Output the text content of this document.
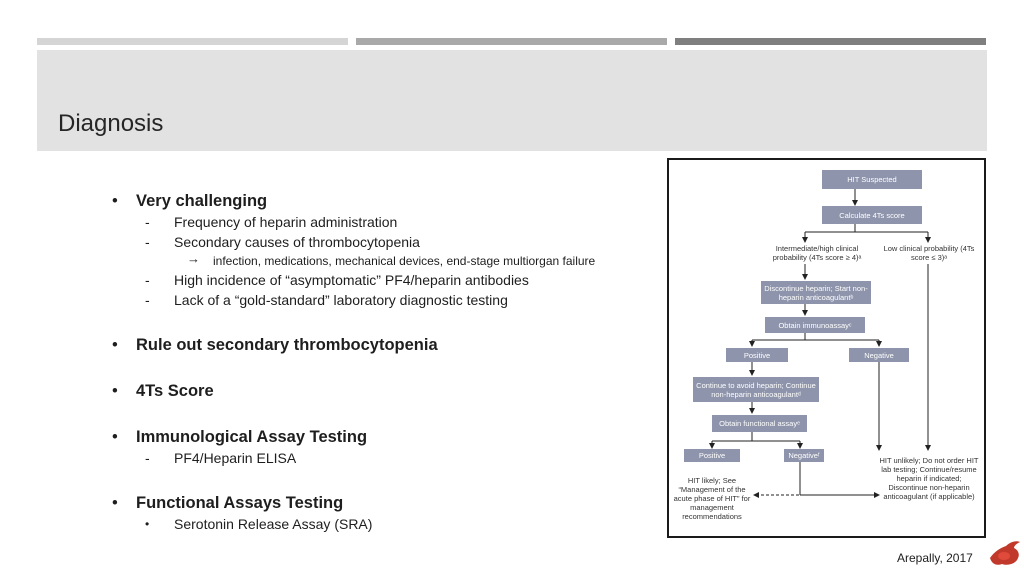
Diagnosis
• Very challenging
- Frequency of heparin administration
- Secondary causes of thrombocytopenia
→ infection, medications, mechanical devices, end-stage multiorgan failure
- High incidence of “asymptomatic” PF4/heparin antibodies
- Lack of a “gold-standard” laboratory diagnostic testing
• Rule out secondary thrombocytopenia
• 4Ts Score
• Immunological Assay Testing
- PF4/Heparin ELISA
• Functional Assays Testing
• Serotonin Release Assay (SRA)
HIT Suspected
Calculate 4Ts score
Intermediate/high clinical probability (4Ts score ≥ 4)ᵃ
Low clinical probability (4Ts score ≤ 3)ᵃ
Discontinue heparin; Start non-heparin anticoagulantᵇ
Obtain immunoassayᶜ
Positive	Negative
Continue to avoid heparin; Continue non-heparin anticoagulantᵈ
Obtain functional assayᵉ
Positive	Negativeᶠ
HIT likely; See “Management of the acute phase of HIT” for management recommendations
HIT unlikely; Do not order HIT lab testing; Continue/resume heparin if indicated; Discontinue non-heparin anticoagulant (if applicable)
Arepally, 2017
